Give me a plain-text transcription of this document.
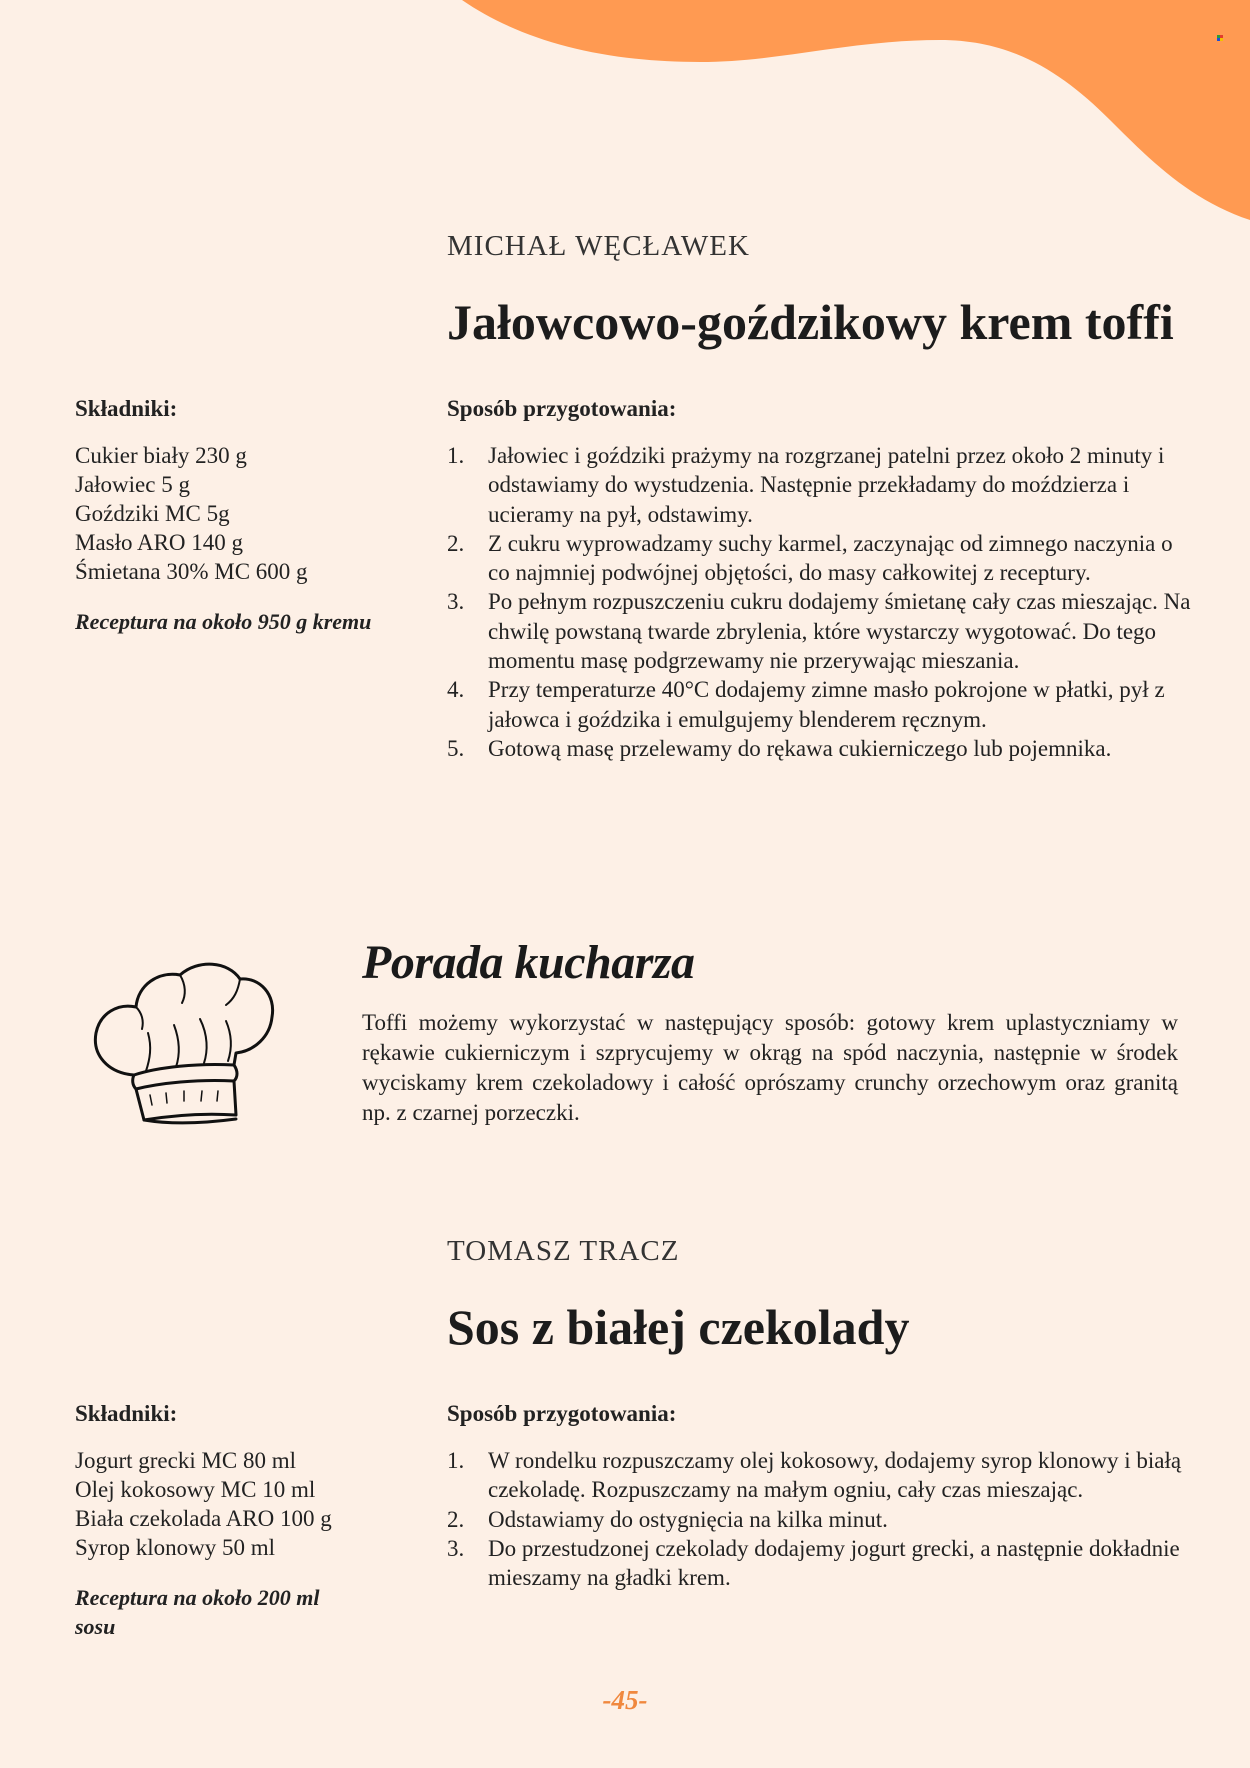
MICHAŁ WĘCŁAWEK
Jałowcowo-goździkowy krem toffi
Składniki:
Cukier biały 230 g
Jałowiec 5 g
Goździki MC 5g
Masło ARO 140 g
Śmietana 30% MC 600 g
Receptura na około 950 g kremu
Sposób przygotowania:
1. Jałowiec i goździki prażymy na rozgrzanej patelni przez około 2 minuty i odstawiamy do wystudzenia. Następnie przekładamy do moździerza i ucieramy na pył, odstawimy.
2. Z cukru wyprowadzamy suchy karmel, zaczynając od zimnego naczynia o co najmniej podwójnej objętości, do masy całkowitej z receptury.
3. Po pełnym rozpuszczeniu cukru dodajemy śmietanę cały czas mieszając. Na chwilę powstaną twarde zbrylenia, które wystarczy wygotować. Do tego momentu masę podgrzewamy nie przerywając mieszania.
4. Przy temperaturze 40°C dodajemy zimne masło pokrojone w płatki, pył z jałowca i goździka i emulgujemy blenderem ręcznym.
5. Gotową masę przelewamy do rękawa cukierniczego lub pojemnika.
Porada kucharza
Toffi możemy wykorzystać w następujący sposób: gotowy krem uplastyczniamy w rękawie cukierniczym i szprycujemy w okrąg na spód naczynia, następnie w środek wyciskamy krem czekoladowy i całość oprószamy crunchy orzechowym oraz granitą np. z czarnej porzeczki.
TOMASZ TRACZ
Sos z białej czekolady
Składniki:
Jogurt grecki MC 80 ml
Olej kokosowy MC 10 ml
Biała czekolada ARO 100 g
Syrop klonowy 50 ml
Receptura na około 200 ml sosu
Sposób przygotowania:
1. W rondelku rozpuszczamy olej kokosowy, dodajemy syrop klonowy i białą czekoladę. Rozpuszczamy na małym ogniu, cały czas mieszając.
2. Odstawiamy do ostygnięcia na kilka minut.
3. Do przestudzonej czekolady dodajemy jogurt grecki, a następnie dokładnie mieszamy na gładki krem.
-45-
